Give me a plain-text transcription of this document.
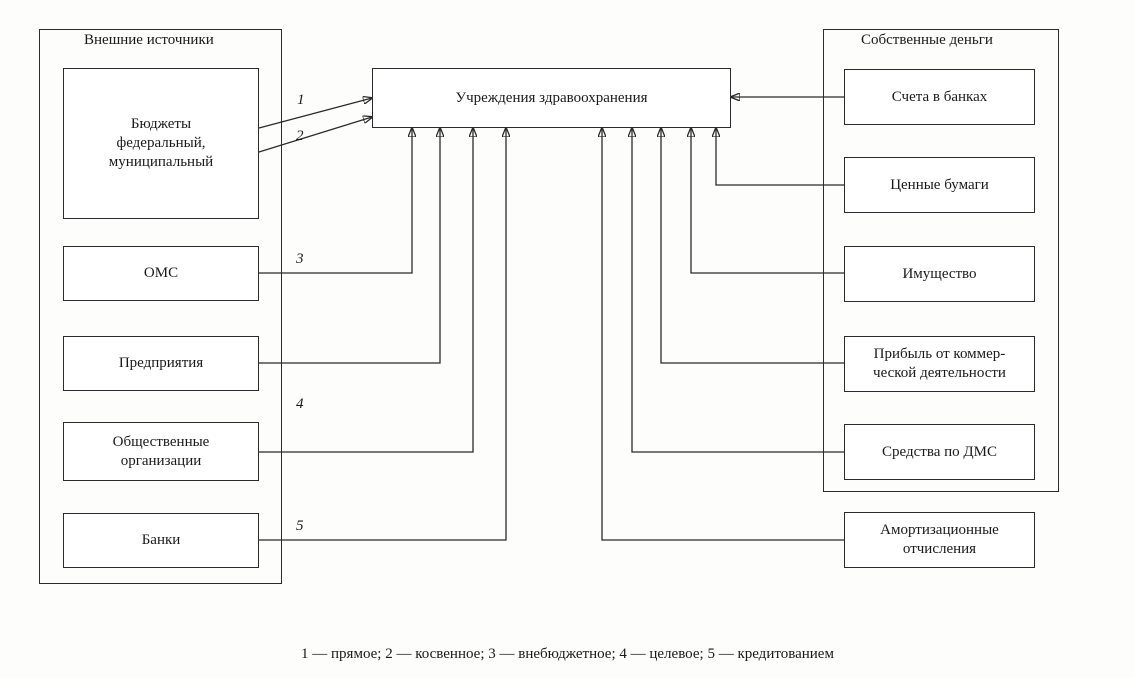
Внешние источники	Собственные деньги
Учреждения здравоохранения
Бюджеты
федеральный,
муниципальный
ОМС
Предприятия
Общественные
организации
Банки
Счета в банках
Ценные бумаги
Имущество
Прибыль от коммер-
ческой деятельности
Средства по ДМС
Амортизационные
отчисления
1
2
3
4
5
1 — прямое; 2 — косвенное; 3 — внебюджетное; 4 — целевое; 5 — кредитованием
